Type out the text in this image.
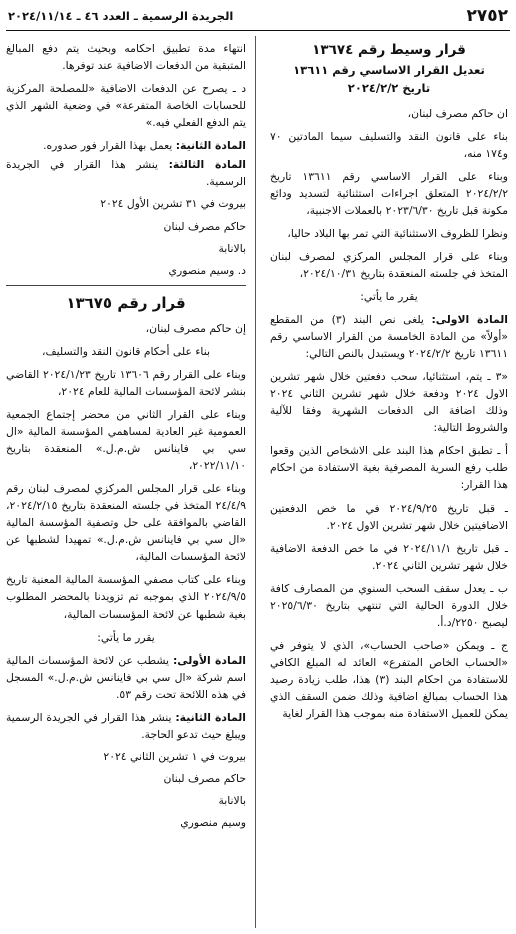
٢٧٥٢
الجريدة الرسمية ـ العدد ٤٦ ـ ٢٠٢٤/١١/١٤
قرار وسيط رقم ١٣٦٧٤
تعديل القرار الاساسي رقم ١٣٦١١
تاريخ ٢٠٢٤/٢/٢

ان حاكم مصرف لبنان،

بناء على قانون النقد والتسليف سيما المادتين ٧٠ و١٧٤ منه،

وبناء على القرار الاساسي رقم ١٣٦١١ تاريخ ٢٠٢٤/٢/٢ المتعلق اجراءات استثنائية لتسديد ودائع مكونة قبل تاريخ ٢٠٢٣/٦/٣٠ بالعملات الاجنبية،

ونظرا للظروف الاستثنائية التي تمر بها البلاد حاليا،

وبناء على قرار المجلس المركزي لمصرف لبنان المتخذ في جلسته المنعقدة بتاريخ ٢٠٢٤/١٠/٣١،

يقرر ما يأتي:

المادة الاولى: يلغى نص البند (٣) من المقطع «أولاً» من المادة الخامسة من القرار الاساسي رقم ١٣٦١١ تاريخ ٢٠٢٤/٢/٢ ويستبدل بالنص التالي:

«٣ ـ يتم، استثنائيا، سحب دفعتين خلال شهر تشرين الاول ٢٠٢٤ ودفعة خلال شهر تشرين الثاني ٢٠٢٤ وذلك اضافة الى الدفعات الشهرية وفقا للآلية والشروط التالية:

أ ـ تطبق احكام هذا البند على الاشخاص الذين وقعوا طلب رفع السرية المصرفية بغية الاستفادة من احكام هذا القرار:

ـ قبل تاريخ ٢٠٢٤/٩/٢٥ في ما خص الدفعتين الاضافيتين خلال شهر تشرين الاول ٢٠٢٤.

ـ قبل تاريخ ٢٠٢٤/١١/١ في ما خص الدفعة الاضافية خلال شهر تشرين الثاني ٢٠٢٤.

ب ـ يعدل سقف السحب السنوي من المصارف كافة خلال الدورة الحالية التي تنتهي بتاريخ ٢٠٢٥/٦/٣٠ ليصبح ٢٢٥٠/د.أ.

ج ـ ويمكن «صاحب الحساب»، الذي لا يتوفر في «الحساب الخاص المتفرع» العائد له المبلغ الكافي للاستفادة من احكام البند (٣) هذا، طلب زيادة رصيد هذا الحساب بمبالغ اضافية وذلك ضمن السقف الذي يمكن للعميل الاستفادة منه بموجب هذا القرار لغاية

انتهاء مدة تطبيق احكامه وبحيث يتم دفع المبالغ المتبقية من الدفعات الاضافية عند توفرها.

د ـ يصرح عن الدفعات الاضافية «للمصلحة المركزية للحسابات الخاصة المتفرعة» في وضعية الشهر الذي يتم الدفع الفعلي فيه.»

المادة الثانية: يعمل بهذا القرار فور صدوره.

المادة الثالثة: ينشر هذا القرار في الجريدة الرسمية.

بيروت في ٣١ تشرين الأول ٢٠٢٤

حاكم مصرف لبنان

بالانابة

د. وسيم منصوري

قرار رقم ١٣٦٧٥

إن حاكم مصرف لبنان،

بناء على أحكام قانون النقد والتسليف،

وبناء على القرار رقم ١٣٦٠٦ تاريخ ٢٠٢٤/١/٢٣ القاضي بنشر لائحة المؤسسات المالية للعام ٢٠٢٤،

وبناء على القرار الثاني من محضر إجتماع الجمعية العمومية غير العادية لمساهمي المؤسسة المالية «ال سي بي فاينانس ش.م.ل.» المنعقدة بتاريخ ٢٠٢٢/١١/١٠،

وبناء على قرار المجلس المركزي لمصرف لبنان رقم ٢٤/٤/٩ المتخذ في جلسته المنعقدة بتاريخ ٢٠٢٤/٢/١٥، القاضي بالموافقة على حل وتصفية المؤسسة المالية «ال سي بي فاينانس ش.م.ل.» تمهيدا لشطبها عن لائحة المؤسسات المالية،

وبناء على كتاب مصفي المؤسسة المالية المعنية تاريخ ٢٠٢٤/٩/٥ الذي بموجبه تم تزويدنا بالمحضر المطلوب بغية شطبها عن لائحة المؤسسات المالية،

يقرر ما يأتي:

المادة الأولى: يشطب عن لائحة المؤسسات المالية اسم شركة «ال سي بي فاينانس ش.م.ل.» المسجل في هذه اللائحة تحت رقم ٥٣.

المادة الثانية: ينشر هذا القرار في الجريدة الرسمية ويبلغ حيث تدعو الحاجة.

بيروت في ١ تشرين الثاني ٢٠٢٤

حاكم مصرف لبنان

بالانابة

وسيم منصوري
